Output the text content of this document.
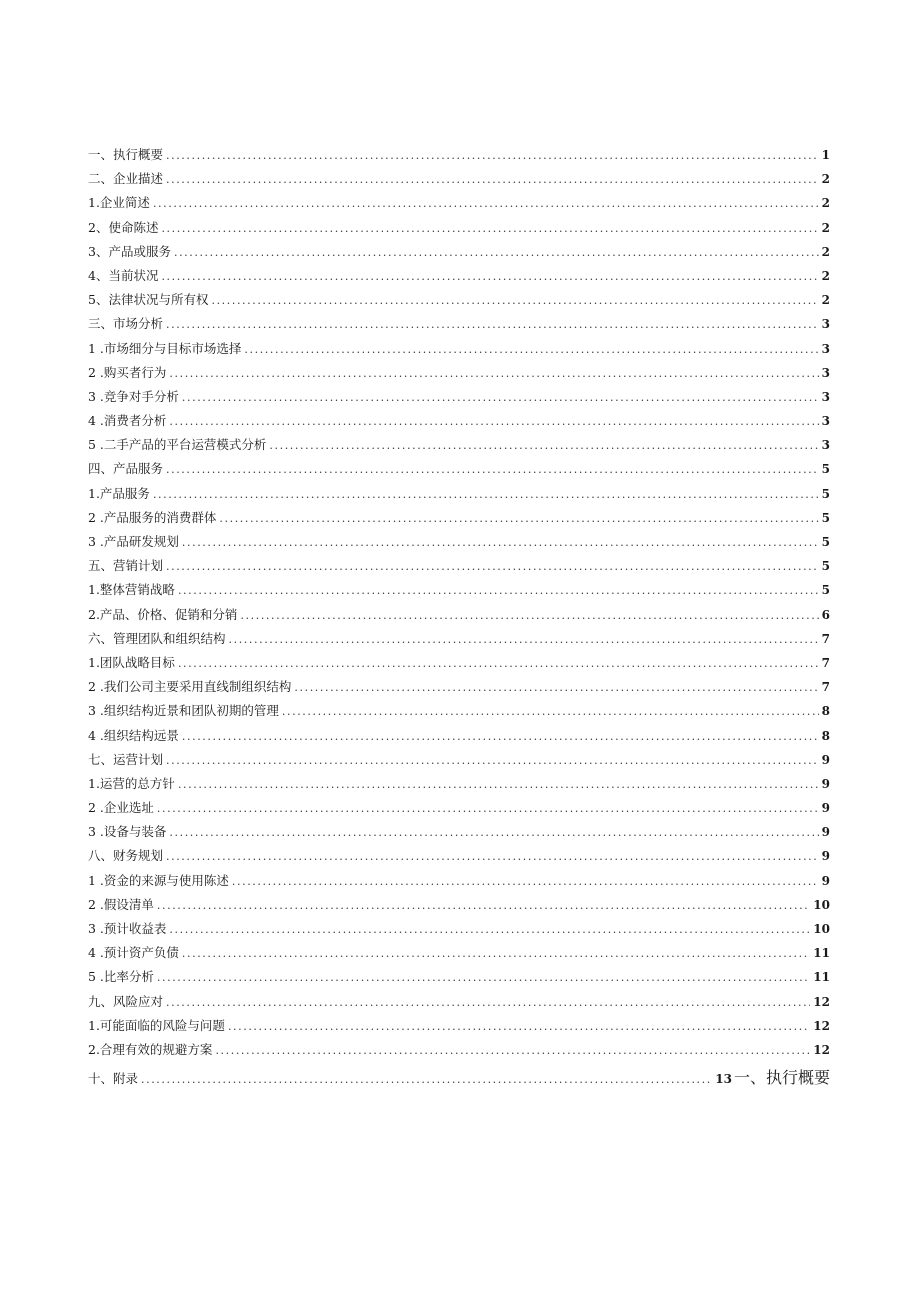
一、执行概要 .....	1
二、企业描述 .....	2
1.企业简述 .....	2
2、使命陈述 .....	2
3、产品或服务 .....	2
4、当前状况 .....	2
5、法律状况与所有权 .....	2
三、市场分析 .....	3
1 .市场细分与目标市场选择 .....	3
2 .购买者行为 .....	3
3 .竞争对手分析 .....	3
4 .消费者分析 .....	3
5 .二手产品的平台运营模式分析 .....	3
四、产品服务 .....	5
1.产品服务 .....	5
2 .产品服务的消费群体 .....	5
3 .产品研发规划 .....	5
五、营销计划 .....	5
1.整体营销战略 .....	5
2.产品、价格、促销和分销 .....	6
六、管理团队和组织结构 .....	7
1.团队战略目标 .....	7
2 .我们公司主要采用直线制组织结构 .....	7
3 .组织结构近景和团队初期的管理 .....	8
4 .组织结构远景 .....	8
七、运营计划 .....	9
1.运营的总方针 .....	9
2 .企业选址 .....	9
3 .设备与装备 .....	9
八、财务规划 .....	9
1 .资金的来源与使用陈述 .....	9
2 .假设清单 .....	10
3 .预计收益表 .....	10
4 .预计资产负债 .....	11
5 .比率分析 .....	11
九、风险应对 .....	12
1.可能面临的风险与问题 .....	12
2.合理有效的规避方案 .....	12
十、附录 .....	13 一、执行概要
